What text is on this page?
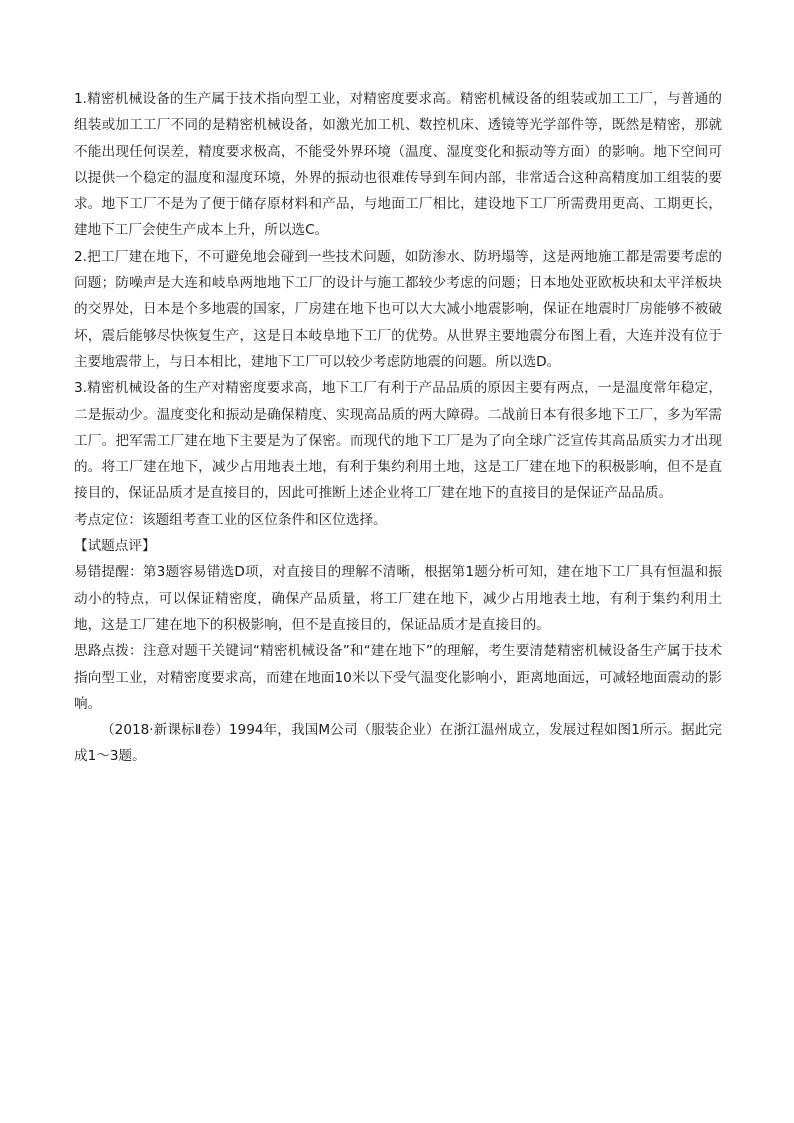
1.精密机械设备的生产属于技术指向型工业，对精密度要求高。精密机械设备的组装或加工工厂，与普通的组装或加工工厂不同的是精密机械设备，如激光加工机、数控机床、透镜等光学部件等，既然是精密，那就不能出现任何误差，精度要求极高，不能受外界环境（温度、湿度变化和振动等方面）的影响。地下空间可以提供一个稳定的温度和湿度环境，外界的振动也很难传导到车间内部，非常适合这种高精度加工组装的要求。地下工厂不是为了便于储存原材料和产品，与地面工厂相比，建设地下工厂所需费用更高、工期更长，建地下工厂会使生产成本上升，所以选C。

2.把工厂建在地下，不可避免地会碰到一些技术问题，如防渗水、防坍塌等，这是两地施工都是需要考虑的问题；防噪声是大连和岐阜两地地下工厂的设计与施工都较少考虑的问题；日本地处亚欧板块和太平洋板块的交界处，日本是个多地震的国家，厂房建在地下也可以大大减小地震影响，保证在地震时厂房能够不被破坏，震后能够尽快恢复生产，这是日本岐阜地下工厂的优势。从世界主要地震分布图上看，大连并没有位于主要地震带上，与日本相比，建地下工厂可以较少考虑防地震的问题。所以选D。

3.精密机械设备的生产对精密度要求高，地下工厂有利于产品品质的原因主要有两点，一是温度常年稳定，二是振动少。温度变化和振动是确保精度、实现高品质的两大障碍。二战前日本有很多地下工厂，多为军需工厂。把军需工厂建在地下主要是为了保密。而现代的地下工厂是为了向全球广泛宣传其高品质实力才出现的。将工厂建在地下，减少占用地表土地，有利于集约利用土地，这是工厂建在地下的积极影响，但不是直接目的，保证品质才是直接目的，因此可推断上述企业将工厂建在地下的直接目的是保证产品品质。

考点定位：该题组考查工业的区位条件和区位选择。

【试题点评】

易错提醒：第3题容易错选D项，对直接目的理解不清晰，根据第1题分析可知，建在地下工厂具有恒温和振动小的特点，可以保证精密度，确保产品质量，将工厂建在地下，减少占用地表土地，有利于集约利用土地，这是工厂建在地下的积极影响，但不是直接目的，保证品质才是直接目的。

思路点拨：注意对题干关键词“精密机械设备”和“建在地下”的理解，考生要清楚精密机械设备生产属于技术指向型工业，对精密度要求高，而建在地面10米以下受气温变化影响小，距离地面远，可减轻地面震动的影响。

（2018·新课标Ⅱ卷）1994年，我国M公司（服装企业）在浙江温州成立，发展过程如图1所示。据此完成1～3题。
